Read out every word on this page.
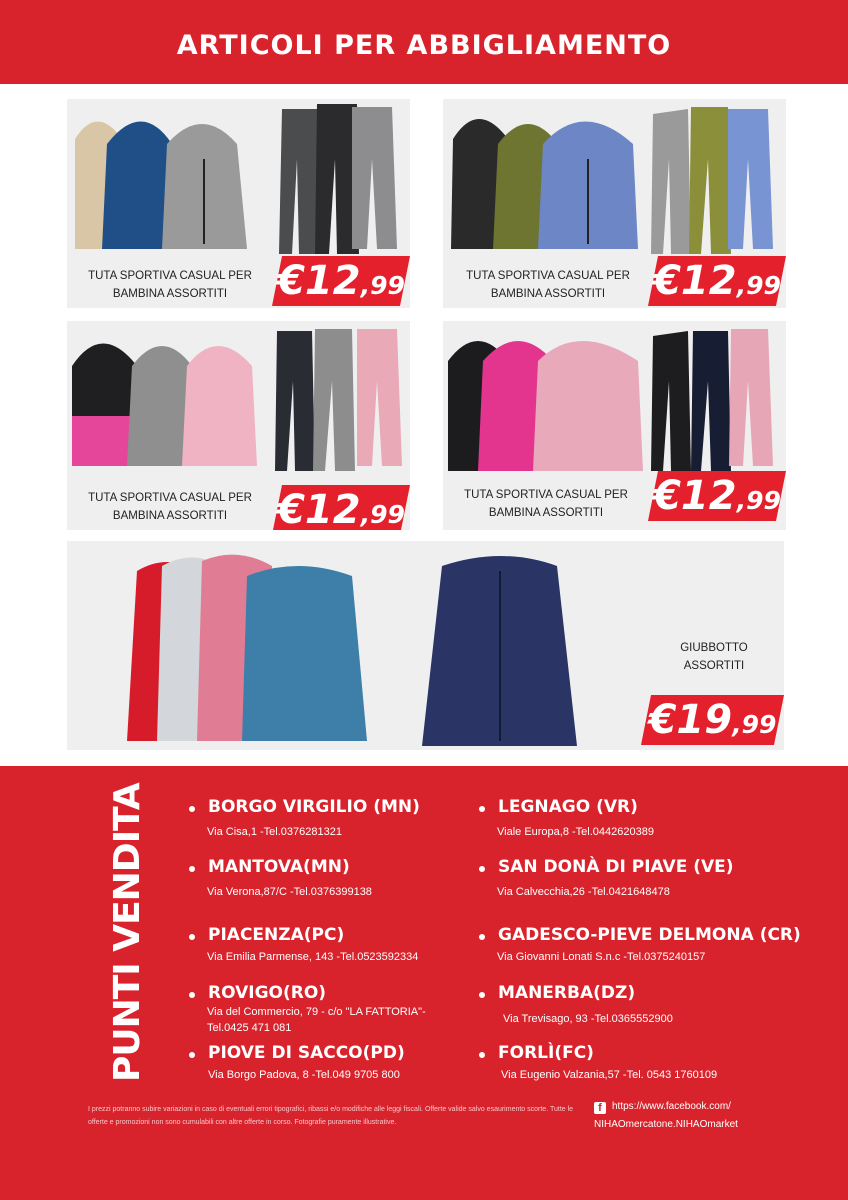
ARTICOLI PER ABBIGLIAMENTO
TUTA SPORTIVA CASUAL PER BAMBINA ASSORTITI	€12,99	TUTA SPORTIVA CASUAL PER BAMBINA ASSORTITI	€12,99
TUTA SPORTIVA CASUAL PER BAMBINA ASSORTITI	€12,99
TUTA SPORTIVA CASUAL PER BAMBINA ASSORTITI	€12,99
GIUBBOTTO ASSORTITI
€19,99
PUNTI VENDITA	BORGO VIRGILIO (MN)
Via Cisa,1 -Tel.0376281321
LEGNAGO (VR)
Viale Europa,8 -Tel.0442620389
MANTOVA(MN)
Via Verona,87/C -Tel.0376399138
SAN DONÀ DI PIAVE (VE)
Via Calvecchia,26 -Tel.0421648478
PIACENZA(PC)
Via Emilia Parmense, 143 -Tel.0523592334
GADESCO-PIEVE DELMONA (CR)
Via Giovanni Lonati S.n.c -Tel.0375240157
ROVIGO(RO)
Via del Commercio, 79 - c/o "LA FATTORIA"-
Tel.0425 471 081
MANERBA(DZ)
Via Trevisago, 93 -Tel.0365552900
PIOVE DI SACCO(PD)
Via Borgo Padova, 8 -Tel.049 9705 800
FORLÌ(FC)
Via Eugenio Valzania,57 -Tel. 0543 1760109
I prezzi potranno subire variazioni in caso di eventuali errori tipografici, ribassi e/o modifiche alle leggi fiscali. Offerte valide salvo esaurimento scorte. Tutte le offerte e promozioni non sono cumulabili con altre offerte in corso. Fotografie puramente illustrative.
f https://www.facebook.com/
NIHAOmercatone.NIHAOmarket
